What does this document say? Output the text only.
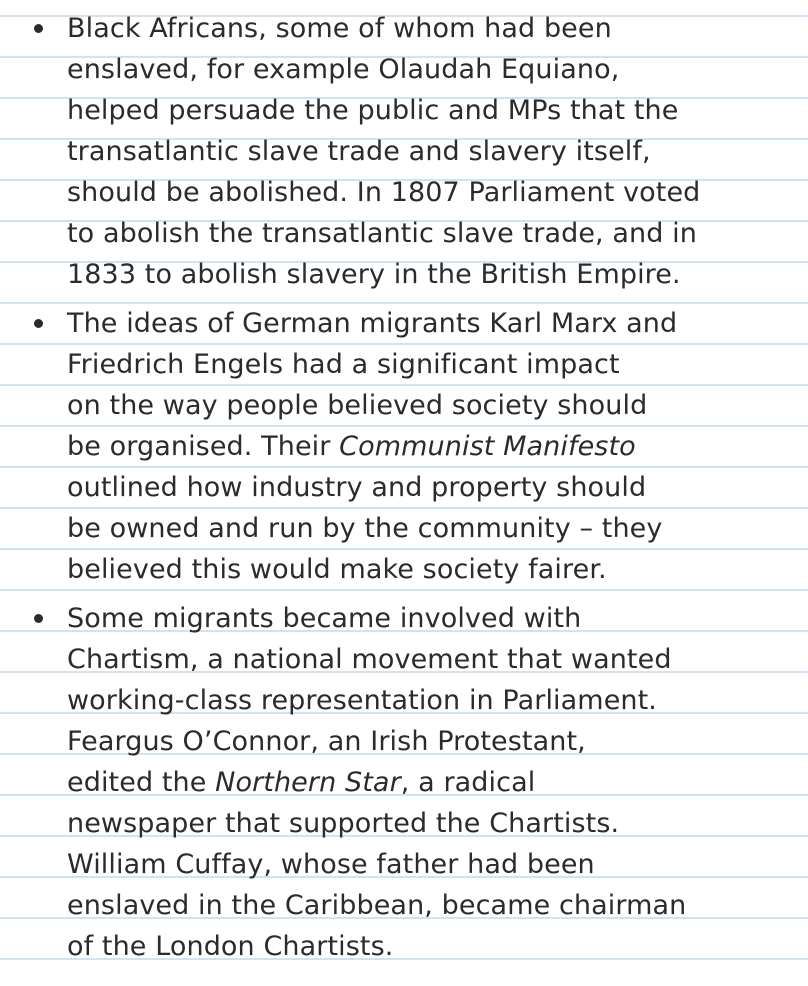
Black Africans, some of whom had been
enslaved, for example Olaudah Equiano,
helped persuade the public and MPs that the
transatlantic slave trade and slavery itself,
should be abolished. In 1807 Parliament voted
to abolish the transatlantic slave trade, and in
1833 to abolish slavery in the British Empire.
The ideas of German migrants Karl Marx and
Friedrich Engels had a significant impact
on the way people believed society should
be organised. Their Communist Manifesto
outlined how industry and property should
be owned and run by the community – they
believed this would make society fairer.
Some migrants became involved with
Chartism, a national movement that wanted
working-class representation in Parliament.
Feargus O’Connor, an Irish Protestant,
edited the Northern Star, a radical
newspaper that supported the Chartists.
William Cuffay, whose father had been
enslaved in the Caribbean, became chairman
of the London Chartists.
